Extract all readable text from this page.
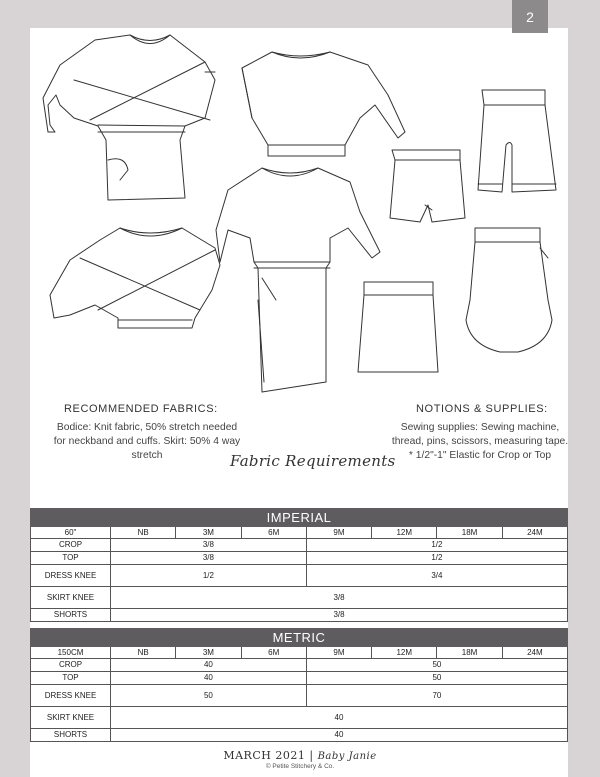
2
RECOMMENDED FABRICS:
Bodice: Knit fabric, 50% stretch needed
for neckband and cuffs. Skirt: 50% 4 way
stretch
NOTIONS & SUPPLIES:
Sewing supplies: Sewing machine,
thread, pins, scissors, measuring tape.
* 1/2"-1" Elastic for Crop or Top
Fabric Requirements
IMPERIAL							
60"	NB	3M	6M	9M	12M	18M	24M
CROP	3/8			1/2			
TOP	3/8			1/2			
DRESS KNEE	1/2			3/4			
SKIRT KNEE	3/8						
SHORTS	3/8						
METRIC							
150CM	NB	3M	6M	9M	12M	18M	24M
CROP	40			50			
TOP	40			50			
DRESS KNEE	50			70			
SKIRT KNEE	40						
SHORTS	40						
MARCH 2021 | Baby Janie
© Petite Stitchery & Co.
